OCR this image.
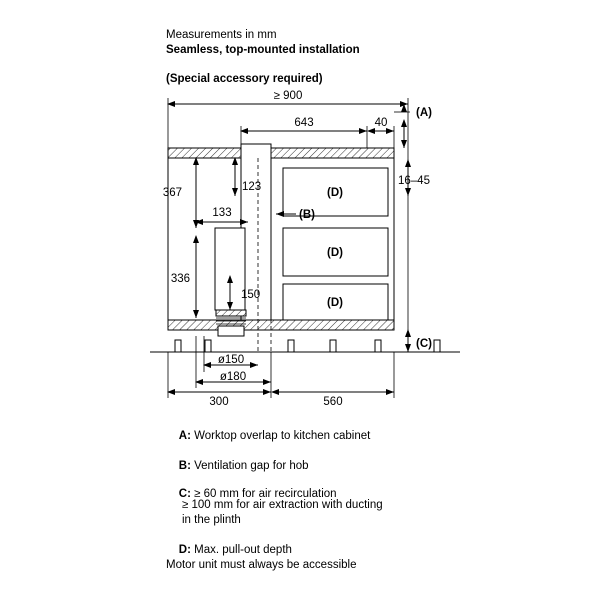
Measurements in mm
Seamless, top-mounted installation
(Special accessory required)
(A)
16–45
(D)
(D)
(D)
367	123
133	(B)
336
150
(C)
ø150
ø180
300	560
≥ 900
643	40

A: Worktop overlap to kitchen cabinet

B: Ventilation gap for hob

C: ≥ 60 mm for air recirculation

≥ 100 mm for air extraction with ducting
in the plinth

D: Max. pull-out depth

Motor unit must always be accessible
